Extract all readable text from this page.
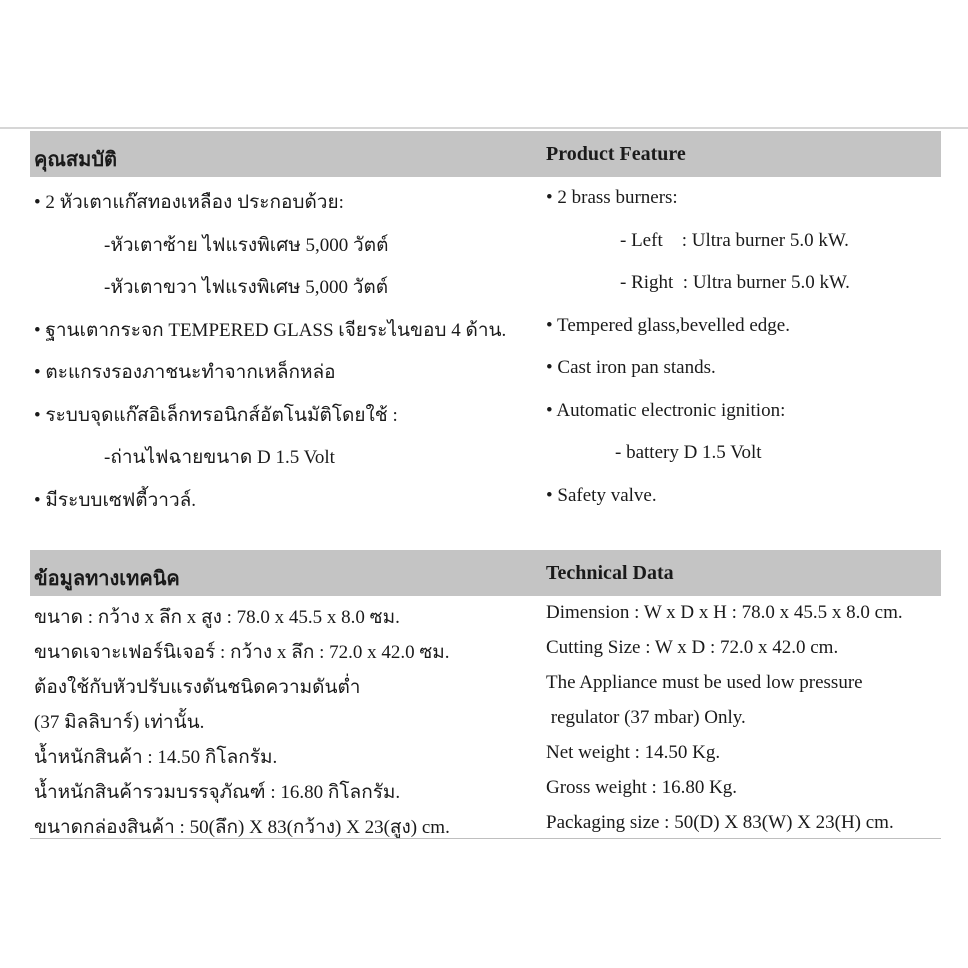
คุณสมบัติ	Product Feature
• 2 หัวเตาแก๊สทองเหลือง ประกอบด้วย:	• 2 brass burners:
-หัวเตาซ้าย ไฟแรงพิเศษ 5,000 วัตต์	- Left    : Ultra burner 5.0 kW.
-หัวเตาขวา ไฟแรงพิเศษ 5,000 วัตต์	- Right  : Ultra burner 5.0 kW.
• ฐานเตากระจก TEMPERED GLASS เจียระไนขอบ 4 ด้าน. • Tempered glass,bevelled edge.
• ตะแกรงรองภาชนะทำจากเหล็กหล่อ	• Cast iron pan stands.
• ระบบจุดแก๊สอิเล็กทรอนิกส์อัตโนมัติโดยใช้ :	• Automatic electronic ignition:
-ถ่านไฟฉายขนาด D 1.5 Volt	- battery D 1.5 Volt
• มีระบบเซฟตี้วาวล์.	• Safety valve.
ข้อมูลทางเทคนิค	Technical Data
ขนาด : กว้าง x ลึก x สูง : 78.0 x 45.5 x 8.0 ซม.	Dimension : W x D x H : 78.0 x 45.5 x 8.0 cm.
ขนาดเจาะเฟอร์นิเจอร์ : กว้าง x ลึก : 72.0 x 42.0 ซม.	Cutting Size : W x D : 72.0 x 42.0 cm.
ต้องใช้กับหัวปรับแรงดันชนิดความดันต่ำ	The Appliance must be used low pressure
(37 มิลลิบาร์) เท่านั้น.	regulator (37 mbar) Only.
น้ำหนักสินค้า : 14.50 กิโลกรัม.	Net weight : 14.50 Kg.
น้ำหนักสินค้ารวมบรรจุภัณฑ์ : 16.80 กิโลกรัม.	Gross weight : 16.80 Kg.
ขนาดกล่องสินค้า : 50(ลึก) X 83(กว้าง) X 23(สูง) cm.	Packaging size : 50(D) X 83(W) X 23(H) cm.
